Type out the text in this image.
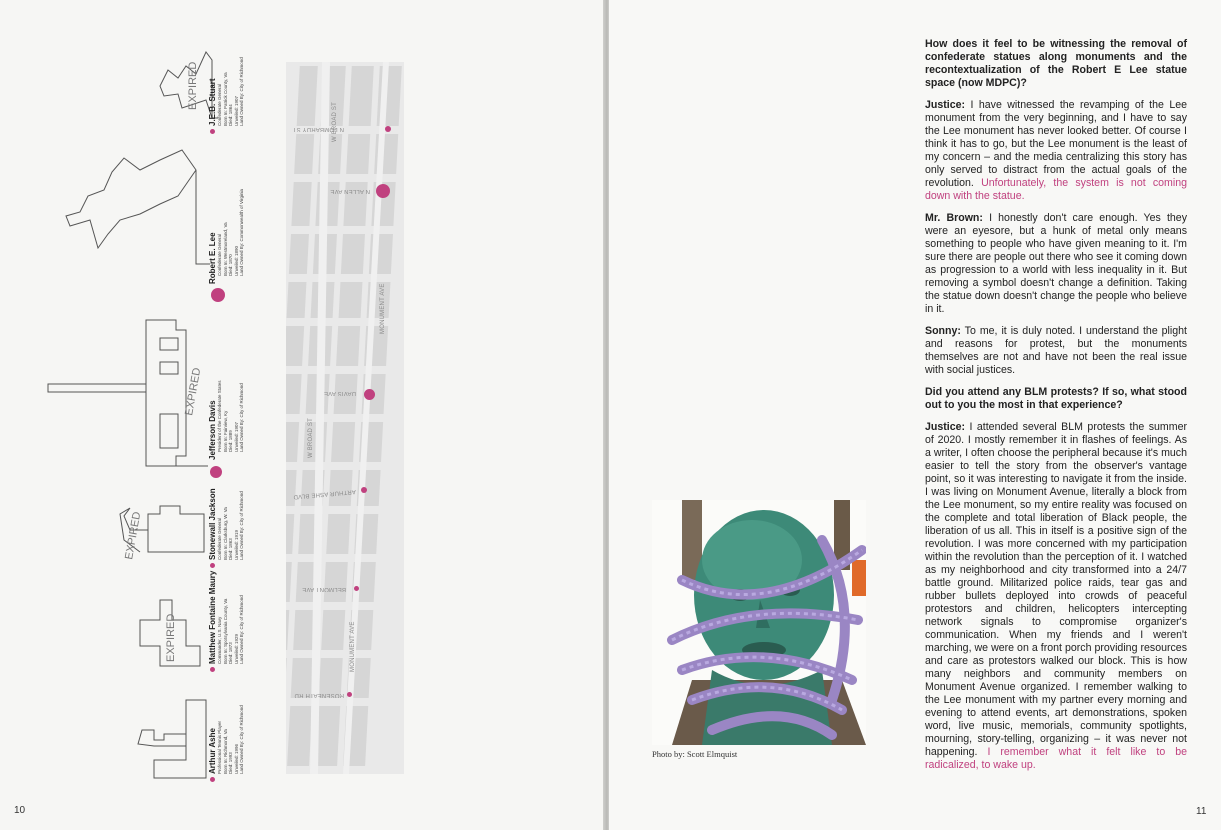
EXPIRED
EXPIRED
EXPIRED
EXPIRED
Arthur Ashe Professional Tennis Player Born In: Richmond, Va Died: 1993 Unveiled: 1996 Land Owned By: City of Richmond
Matthew Fontaine Maury Commander, U.S. Navy Born In: Spotsylvania County, Va Died: 1873 Unveiled: 1929 Land Owned By: City of Richmond
Stonewall Jackson Confederate General Born In: Clarksburg, W. Va Died: 1863 Unveiled: 1919 Land Owned By: City of Richmond
Jefferson Davis President of the Confederate States Born In: Fairview, Ky Died: 1889 Unveiled: 1907 Land Owned By: City of Richmond
Robert E. Lee Confederate General Born In: Westmoreland, Va Died: 1870 Unveiled: 1890 Land Owned By: Commonwealth of Virginia
J.E.B. Stuart Confederate General Born In: Patrick County, Va Died: 1864 Unveiled: 1907 Land Owned By: City of Richmond	W BROAD ST
N LOMBARDY ST
N ALLEN AVE
MONUMENT AVE
DAVIS AVE
W BROAD ST
ARTHUR ASHE BLVD
BELMONT AVE
MONUMENT AVE
ROSENEATH RD
10
Photo by: Scott Elmquist

How does it feel to be witnessing the removal of confederate statues along monuments and the recontextualization of the Robert E Lee statue space (now MDPC)?

Justice: I have witnessed the revamping of the Lee monument from the very beginning, and I have to say the Lee monument has never looked better. Of course I think it has to go, but the Lee monument is the least of my concern – and the media centralizing this story has only served to distract from the actual goals of the revolution. Unfortunately, the system is not coming down with the statue.

Mr. Brown: I honestly don't care enough. Yes they were an eyesore, but a hunk of metal only means something to people who have given meaning to it. I'm sure there are people out there who see it coming down as progression to a world with less inequality in it. But removing a symbol doesn't change a definition. Taking the statue down doesn't change the people who believe in it.

Sonny: To me, it is duly noted. I understand the plight and reasons for protest, but the monuments themselves are not and have not been the real issue with social justices.

Did you attend any BLM protests? If so, what stood out to you the most in that experience?

Justice: I attended several BLM protests the summer of 2020. I mostly remember it in flashes of feelings. As a writer, I often choose the peripheral because it's much easier to tell the story from the observer's vantage point, so it was interesting to navigate it from the inside. I was living on Monument Avenue, literally a block from the Lee monument, so my entire reality was focused on the complete and total liberation of Black people, the liberation of us all. This in itself is a positive sign of the revolution. I was more concerned with my participation within the revolution than the perception of it. I watched as my neighborhood and city transformed into a 24/7 battle ground. Militarized police raids, tear gas and rubber bullets deployed into crowds of peaceful protestors and children, helicopters intercepting network signals to compromise organizer's communication. When my friends and I weren't marching, we were on a front porch providing resources and care as protestors walked our block. This is how many neighbors and community members on Monument Avenue organized. I remember walking to the Lee monument with my partner every morning and evening to attend events, art demonstrations, spoken word, live music, memorials, community spotlights, mourning, story-telling, organizing – it was never not happening. I remember what it felt like to be radicalized, to wake up.

11
